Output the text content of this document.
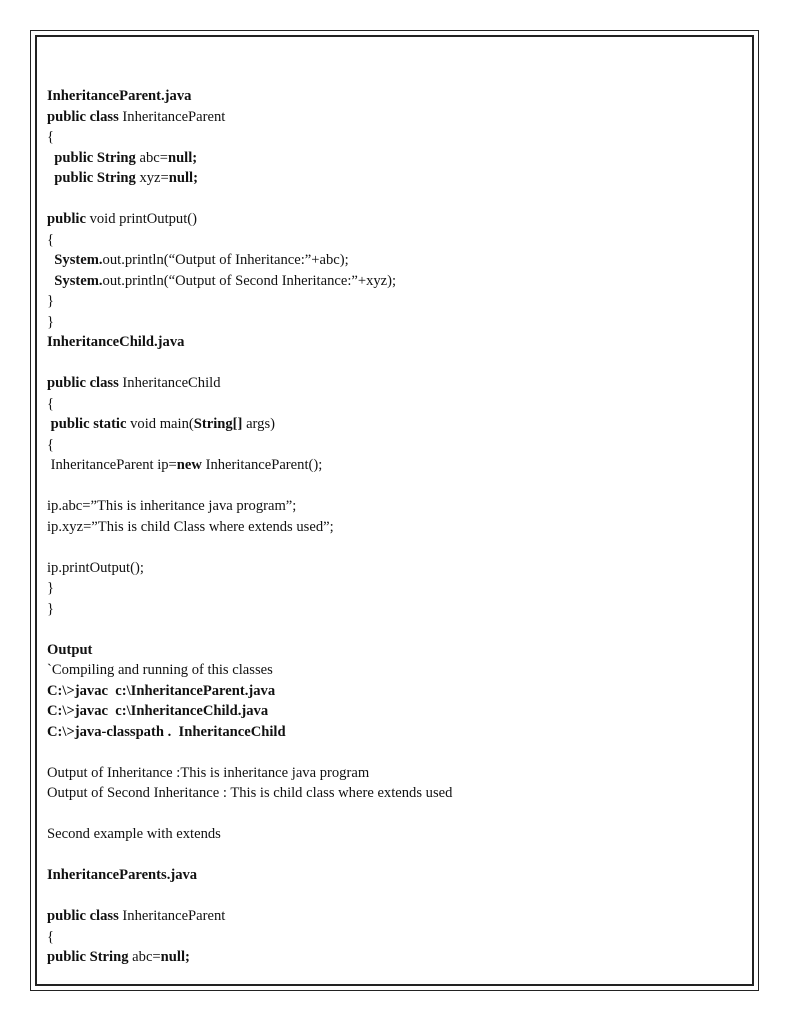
InheritanceParent.java
public class InheritanceParent
{
public String abc=null;
public String xyz=null;
public void printOutput()
{
System.out.println(“Output of Inheritance:”+abc);
System.out.println(“Output of Second Inheritance:”+xyz);
}
}
InheritanceChild.java
public class InheritanceChild
{
public static void main(String[] args)
{
InheritanceParent ip=new InheritanceParent();
ip.abc=”This is inheritance java program”;
ip.xyz=”This is child Class where extends used”;
ip.printOutput();
}
}
Output
`Compiling and running of this classes
C:\>javac  c:\InheritanceParent.java
C:\>javac  c:\InheritanceChild.java
C:\>java-classpath .  InheritanceChild
Output of Inheritance :This is inheritance java program
Output of Second Inheritance : This is child class where extends used
Second example with extends
InheritanceParents.java
public class InheritanceParent
{
public String abc=null;
